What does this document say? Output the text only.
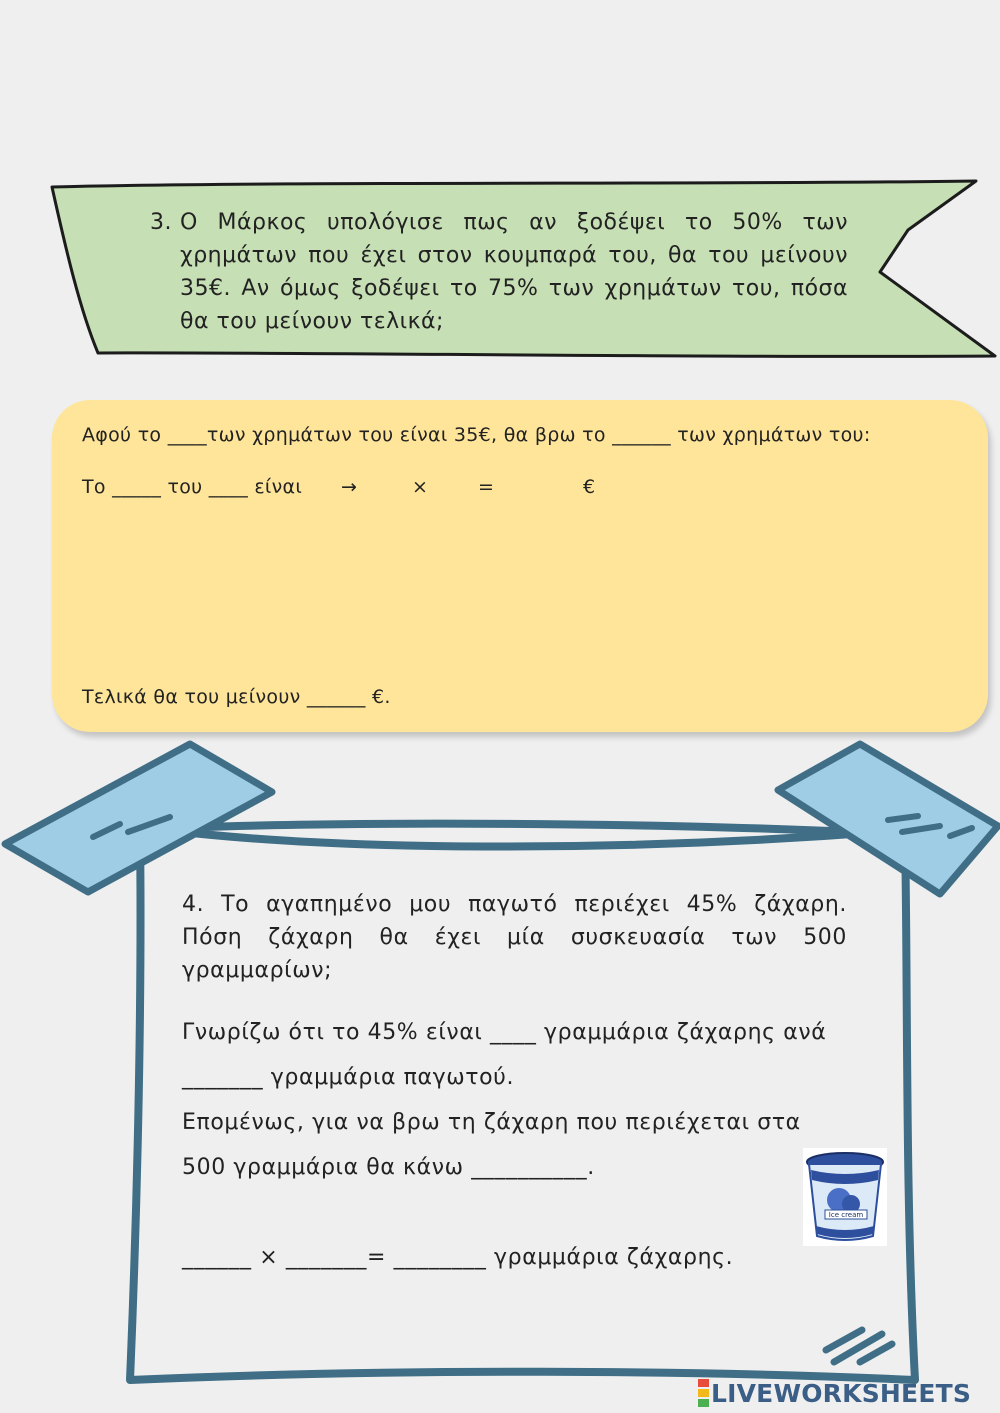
3. Ο Μάρκος υπολόγισε πως αν ξοδέψει το 50% των χρημάτων που έχει στον κουμπαρά του, θα του μείνουν 35€. Αν όμως ξοδέψει το 75% των χρημάτων του, πόσα θα του μείνουν τελικά;
Αφού το ____των χρημάτων του είναι 35€, θα βρω το ______ των χρημάτων του:
Το _____ του ____ είναι →	×	=	€
Τελικά θα του μείνουν ______ €.
4. Το αγαπημένο μου παγωτό περιέχει 45% ζάχαρη. Πόση ζάχαρη θα έχει μία συσκευασία των 500 γραμμαρίων;
Γνωρίζω ότι το 45% είναι ____ γραμμάρια ζάχαρης ανά
_______ γραμμάρια παγωτού.
Επομένως, για να βρω τη ζάχαρη που περιέχεται στα
500 γραμμάρια θα κάνω __________.
______ × _______= ________ γραμμάρια ζάχαρης.
Ice cream
LIVEWORKSHEETS
